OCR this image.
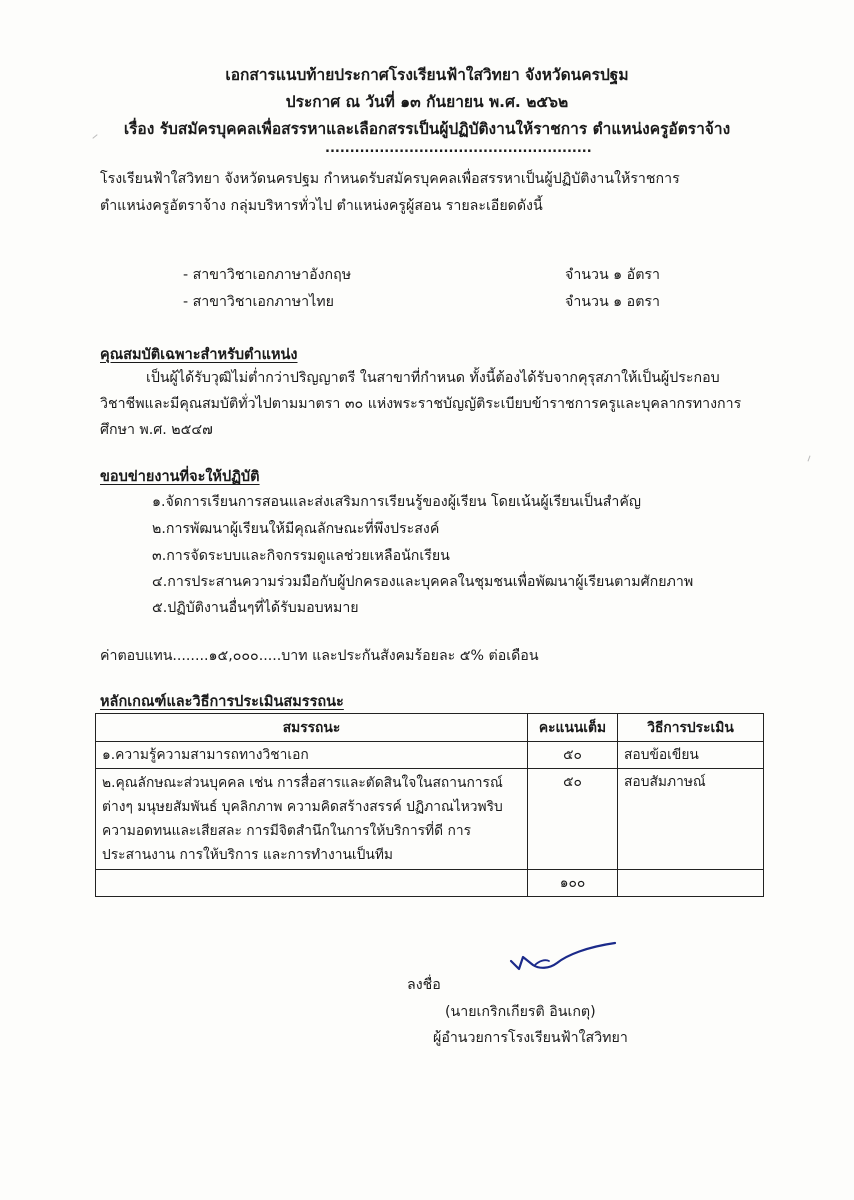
เอกสารแนบท้ายประกาศโรงเรียนฟ้าใสวิทยา จังหวัดนครปฐม
ประกาศ ณ วันที่ ๑๓ กันยายน พ.ศ. ๒๕๖๒
เรื่อง รับสมัครบุคคลเพื่อสรรหาและเลือกสรรเป็นผู้ปฏิบัติงานให้ราชการ ตำแหน่งครูอัตราจ้าง
......................................................
โรงเรียนฟ้าใสวิทยา จังหวัดนครปฐม กำหนดรับสมัครบุคคลเพื่อสรรหาเป็นผู้ปฏิบัติงานให้ราชการ
ตำแหน่งครูอัตราจ้าง กลุ่มบริหารทั่วไป ตำแหน่งครูผู้สอน รายละเอียดดังนี้
- สาขาวิชาเอกภาษาอังกฤษ	จำนวน ๑ อัตรา
- สาขาวิชาเอกภาษาไทย	จำนวน ๑ อตรา
คุณสมบัติเฉพาะสำหรับตำแหน่ง
เป็นผู้ได้รับวุฒิไม่ต่ำกว่าปริญญาตรี ในสาขาที่กำหนด ทั้งนี้ต้องได้รับจากคุรุสภาให้เป็นผู้ประกอบ
วิชาชีพและมีคุณสมบัติทั่วไปตามมาตรา ๓๐ แห่งพระราชบัญญัติระเบียบข้าราชการครูและบุคลากรทางการ
ศึกษา พ.ศ. ๒๕๔๗
ขอบข่ายงานที่จะให้ปฏิบัติ
๑.จัดการเรียนการสอนและส่งเสริมการเรียนรู้ของผู้เรียน โดยเน้นผู้เรียนเป็นสำคัญ
๒.การพัฒนาผู้เรียนให้มีคุณลักษณะที่พึงประสงค์
๓.การจัดระบบและกิจกรรมดูแลช่วยเหลือนักเรียน
๔.การประสานความร่วมมือกับผู้ปกครองและบุคคลในชุมชนเพื่อพัฒนาผู้เรียนตามศักยภาพ
๕.ปฏิบัติงานอื่นๆที่ได้รับมอบหมาย
ค่าตอบแทน........๑๕,๐๐๐.....บาท และประกันสังคมร้อยละ ๕% ต่อเดือน
หลักเกณฑ์และวิธีการประเมินสมรรถนะ
สมรรถนะ	คะแนนเต็ม	วิธีการประเมิน
๑.ความรู้ความสามารถทางวิชาเอก	๕๐	สอบข้อเขียน

๒.คุณลักษณะส่วนบุคคล เช่น การสื่อสารและตัดสินใจในสถานการณ์
ต่างๆ มนุษยสัมพันธ์ บุคลิกภาพ ความคิดสร้างสรรค์ ปฏิภาณไหวพริบ
ความอดทนและเสียสละ การมีจิตสำนึกในการให้บริการที่ดี การ
ประสานงาน การให้บริการ และการทำงานเป็นทีม	๕๐	สอบสัมภาษณ์
	๑๐๐	
ลงชื่อ
(นายเกริกเกียรติ อินเกตุ)
ผู้อำนวยการโรงเรียนฟ้าใสวิทยา
